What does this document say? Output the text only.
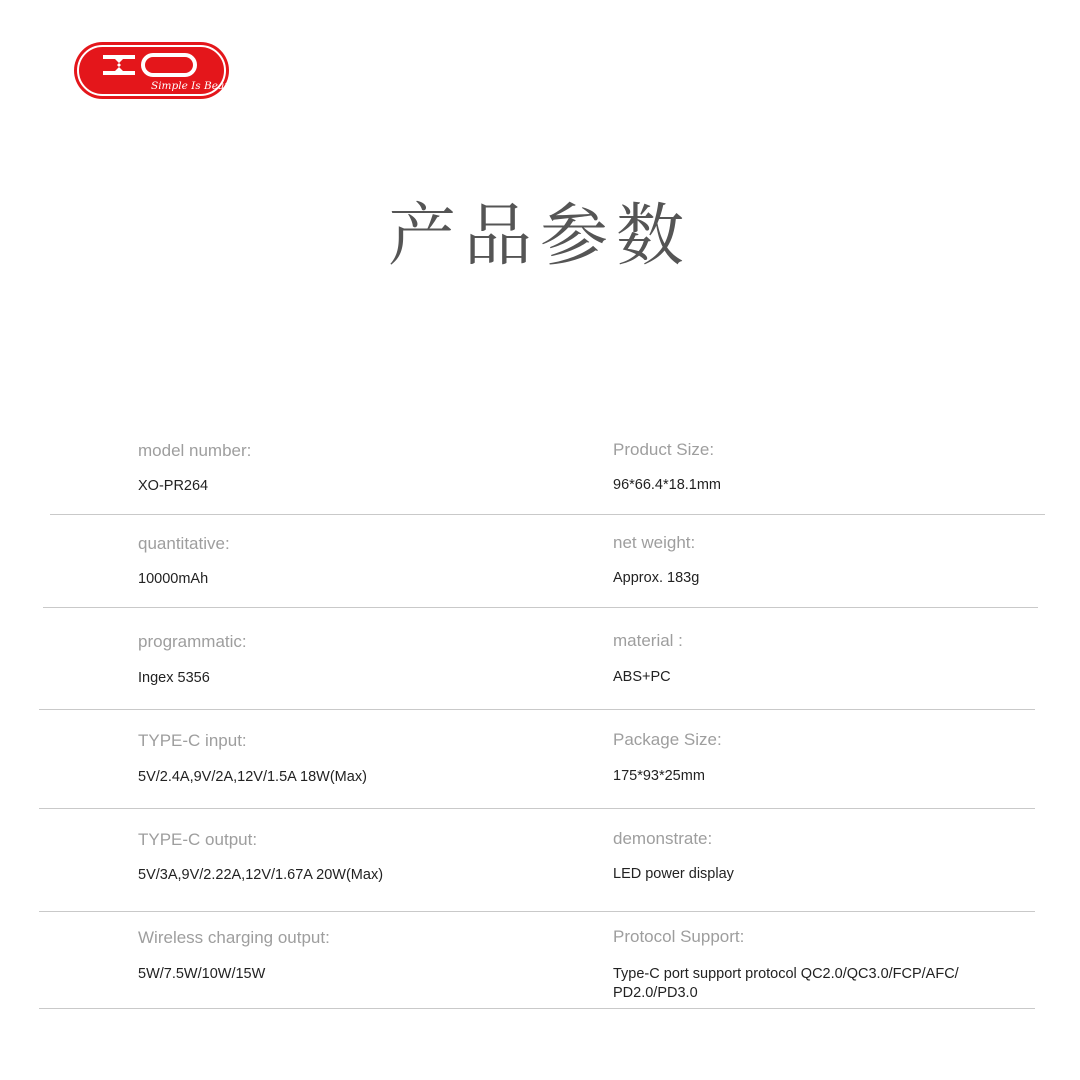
Simple Is Beauty
产品参数
model number:
XO-PR264
Product Size:
96*66.4*18.1mm
quantitative:
10000mAh
net weight:
Approx. 183g
programmatic:
Ingex 5356
material :
ABS+PC
TYPE-C input:
5V/2.4A,9V/2A,12V/1.5A 18W(Max)
Package Size:
175*93*25mm
TYPE-C output:
5V/3A,9V/2.22A,12V/1.67A 20W(Max)
demonstrate:
LED power display
Wireless charging output:
5W/7.5W/10W/15W
Protocol Support:
Type-C port support protocol QC2.0/QC3.0/FCP/AFC/ PD2.0/PD3.0
